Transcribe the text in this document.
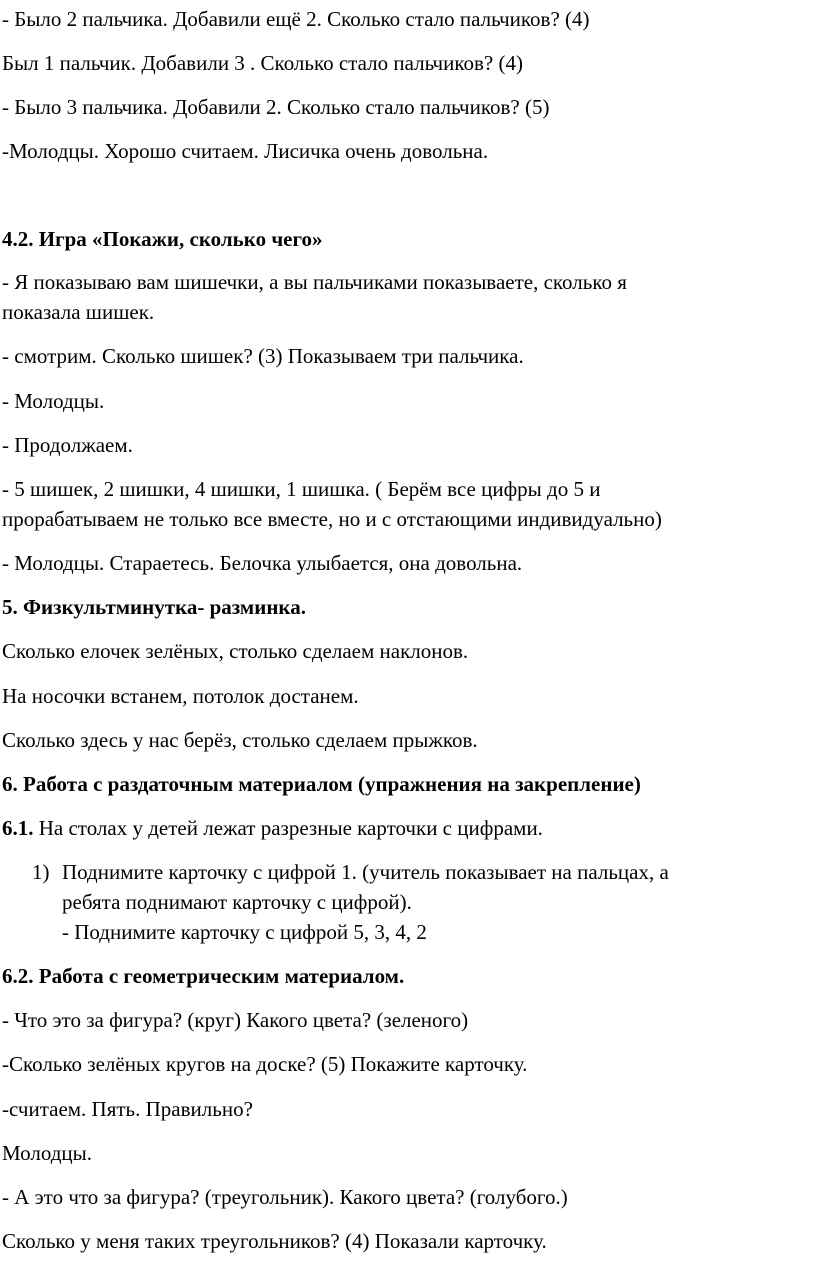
- Было 2 пальчика. Добавили ещё 2. Сколько стало пальчиков? (4)
Был 1 пальчик. Добавили 3 . Сколько стало пальчиков? (4)
- Было 3 пальчика. Добавили 2. Сколько стало пальчиков? (5)
-Молодцы. Хорошо считаем. Лисичка очень довольна.
4.2. Игра «Покажи, сколько чего»
- Я показываю вам шишечки, а вы пальчиками показываете, сколько я
показала шишек.
- смотрим. Сколько шишек? (3) Показываем три пальчика.
- Молодцы.
- Продолжаем.
- 5 шишек, 2 шишки, 4 шишки, 1 шишка. ( Берём все цифры до 5 и
прорабатываем не только все вместе, но и с отстающими индивидуально)
- Молодцы. Стараетесь. Белочка улыбается, она довольна.
5. Физкультминутка- разминка.
Сколько елочек зелёных, столько сделаем наклонов.
На носочки встанем, потолок достанем.
Сколько здесь у нас берёз, столько сделаем прыжков.
6. Работа с раздаточным материалом (упражнения на закрепление)
6.1. На столах у детей лежат разрезные карточки с цифрами.
1) Поднимите карточку с цифрой 1. (учитель показывает на пальцах, а
ребята поднимают карточку с цифрой).
- Поднимите карточку с цифрой 5, 3, 4, 2
6.2. Работа с геометрическим материалом.
- Что это за фигура? (круг) Какого цвета? (зеленого)
-Сколько зелёных кругов на доске? (5) Покажите карточку.
-считаем. Пять. Правильно?
Молодцы.
- А это что за фигура? (треугольник). Какого цвета? (голубого.)
Сколько у меня таких треугольников? (4) Показали карточку.
